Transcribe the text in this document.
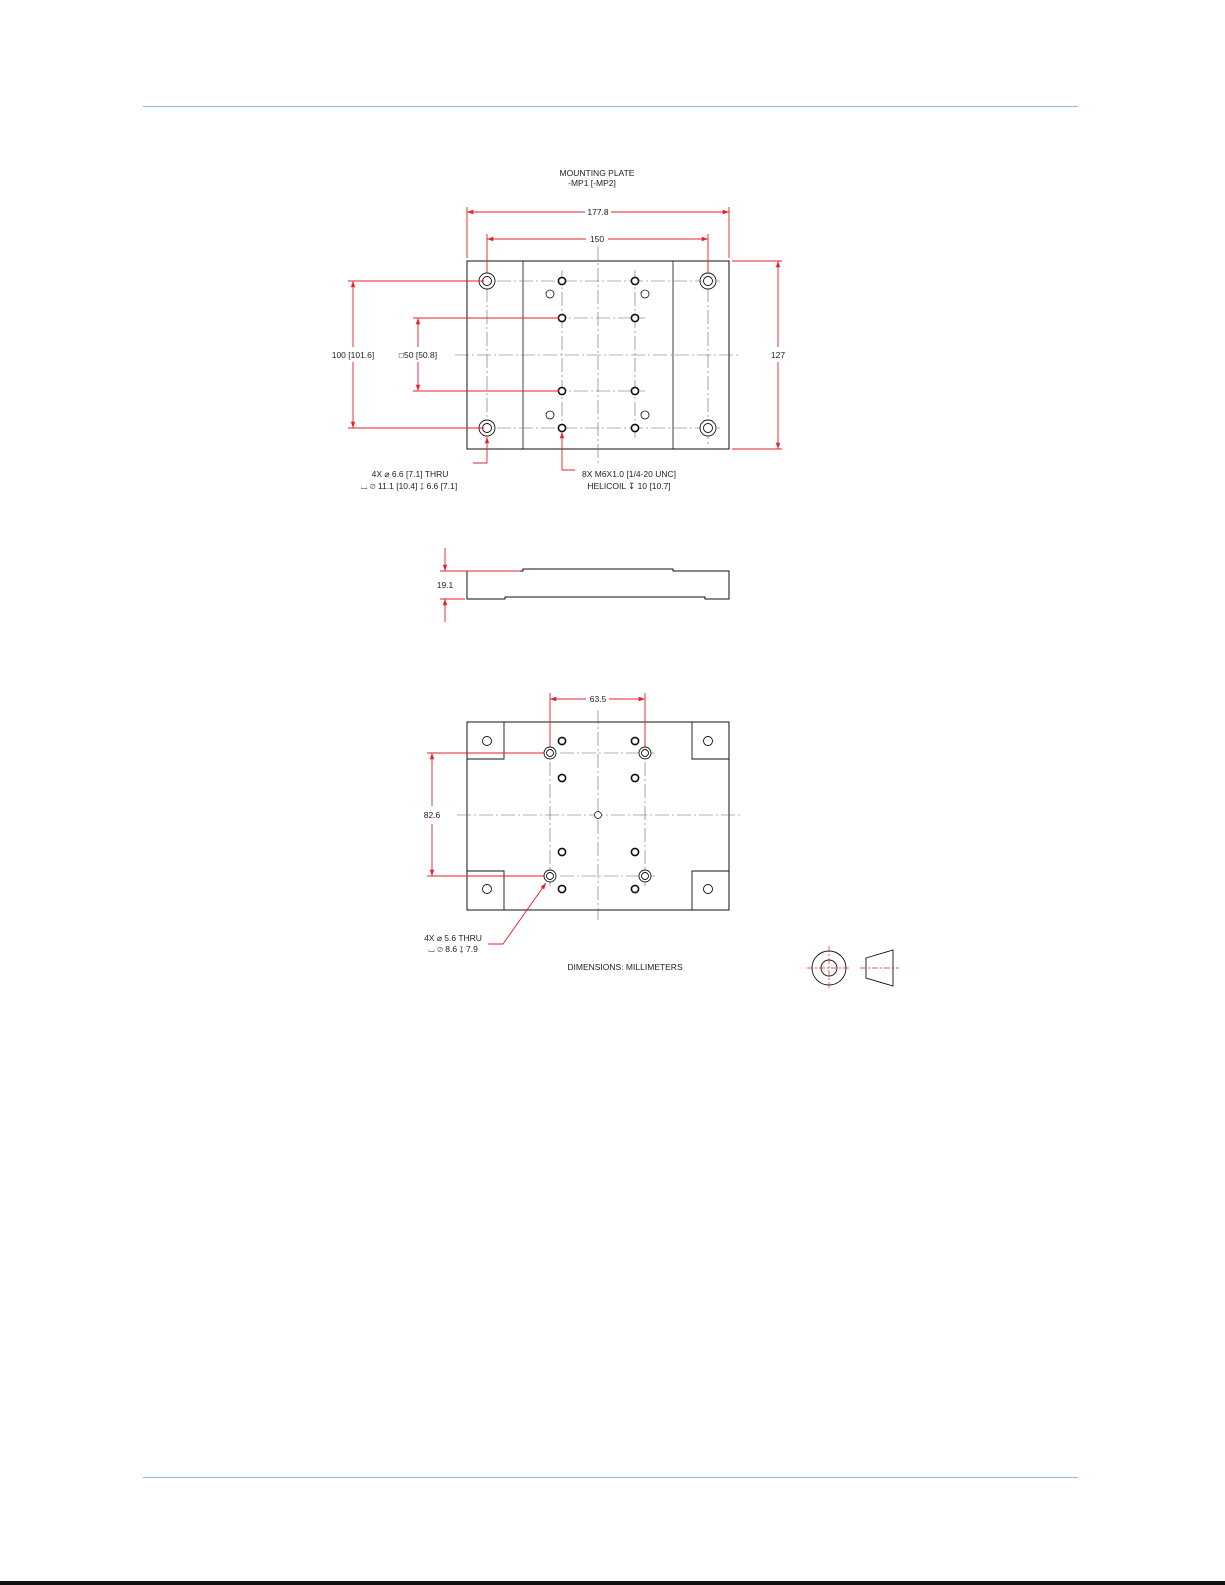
MOUNTING PLATE
-MP1 [-MP2]
177.8
150
127
100 [101.6]	□50 [50.8]
4X ⌀ 6.6 [7.1] THRU
⌴ ⌀ 11.1 [10.4] ↧ 6.6 [7.1]
8X M6X1.0 [1/4-20 UNC]
HELICOIL ↧ 10 [10.7]
19.1
63.5
82.6
4X ⌀ 5.6 THRU
⌴ ⌀ 8.6 ↧ 7.9
DIMENSIONS: MILLIMETERS
